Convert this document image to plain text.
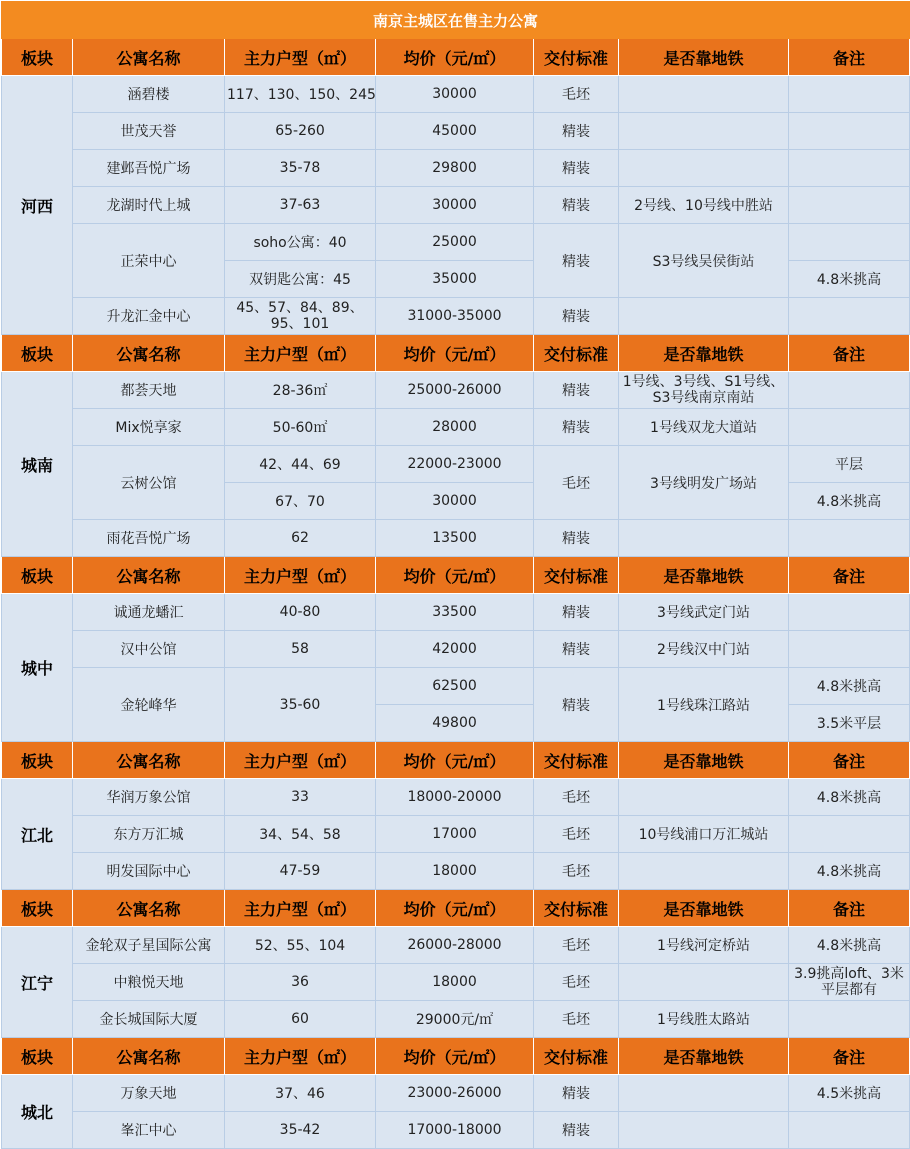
南京主城区在售主力公寓						
板块	公寓名称	主力户型（㎡）	均价（元/㎡）	交付标准	是否靠地铁	备注
河西	涵碧楼	117、130、150、245	30000	毛坯		
	世茂天誉	65-260	45000	精装		
	建邺吾悦广场	35-78	29800	精装		
	龙湖时代上城	37-63	30000	精装	2号线、10号线中胜站	
	正荣中心	soho公寓：40	25000	精装	S3号线吴侯街站	
		双钥匙公寓：45	35000			4.8米挑高
	升龙汇金中心	45、57、84、89、95、101	31000-35000	精装		
板块	公寓名称	主力户型（㎡）	均价（元/㎡）	交付标准	是否靠地铁	备注
城南	都荟天地	28-36㎡	25000-26000	精装	1号线、3号线、S1号线、S3号线南京南站	
	Mix悦享家	50-60㎡	28000	精装	1号线双龙大道站	
	云树公馆	42、44、69	22000-23000	毛坯	3号线明发广场站	平层
		67、70	30000			4.8米挑高
	雨花吾悦广场	62	13500	精装		
板块	公寓名称	主力户型（㎡）	均价（元/㎡）	交付标准	是否靠地铁	备注
城中	诚通龙蟠汇	40-80	33500	精装	3号线武定门站	
	汉中公馆	58	42000	精装	2号线汉中门站	
	金轮峰华	35-60	62500	精装	1号线珠江路站	4.8米挑高
			49800			3.5米平层
板块	公寓名称	主力户型（㎡）	均价（元/㎡）	交付标准	是否靠地铁	备注
江北	华润万象公馆	33	18000-20000	毛坯		4.8米挑高
	东方万汇城	34、54、58	17000	毛坯	10号线浦口万汇城站	
	明发国际中心	47-59	18000	毛坯		4.8米挑高
板块	公寓名称	主力户型（㎡）	均价（元/㎡）	交付标准	是否靠地铁	备注
江宁	金轮双子星国际公寓	52、55、104	26000-28000	毛坯	1号线河定桥站	4.8米挑高
	中粮悦天地	36	18000	毛坯		3.9挑高loft、3米平层都有
	金长城国际大厦	60	29000元/㎡	毛坯	1号线胜太路站	
板块	公寓名称	主力户型（㎡）	均价（元/㎡）	交付标准	是否靠地铁	备注
城北	万象天地	37、46	23000-26000	精装		4.5米挑高
	峯汇中心	35-42	17000-18000	精装		
